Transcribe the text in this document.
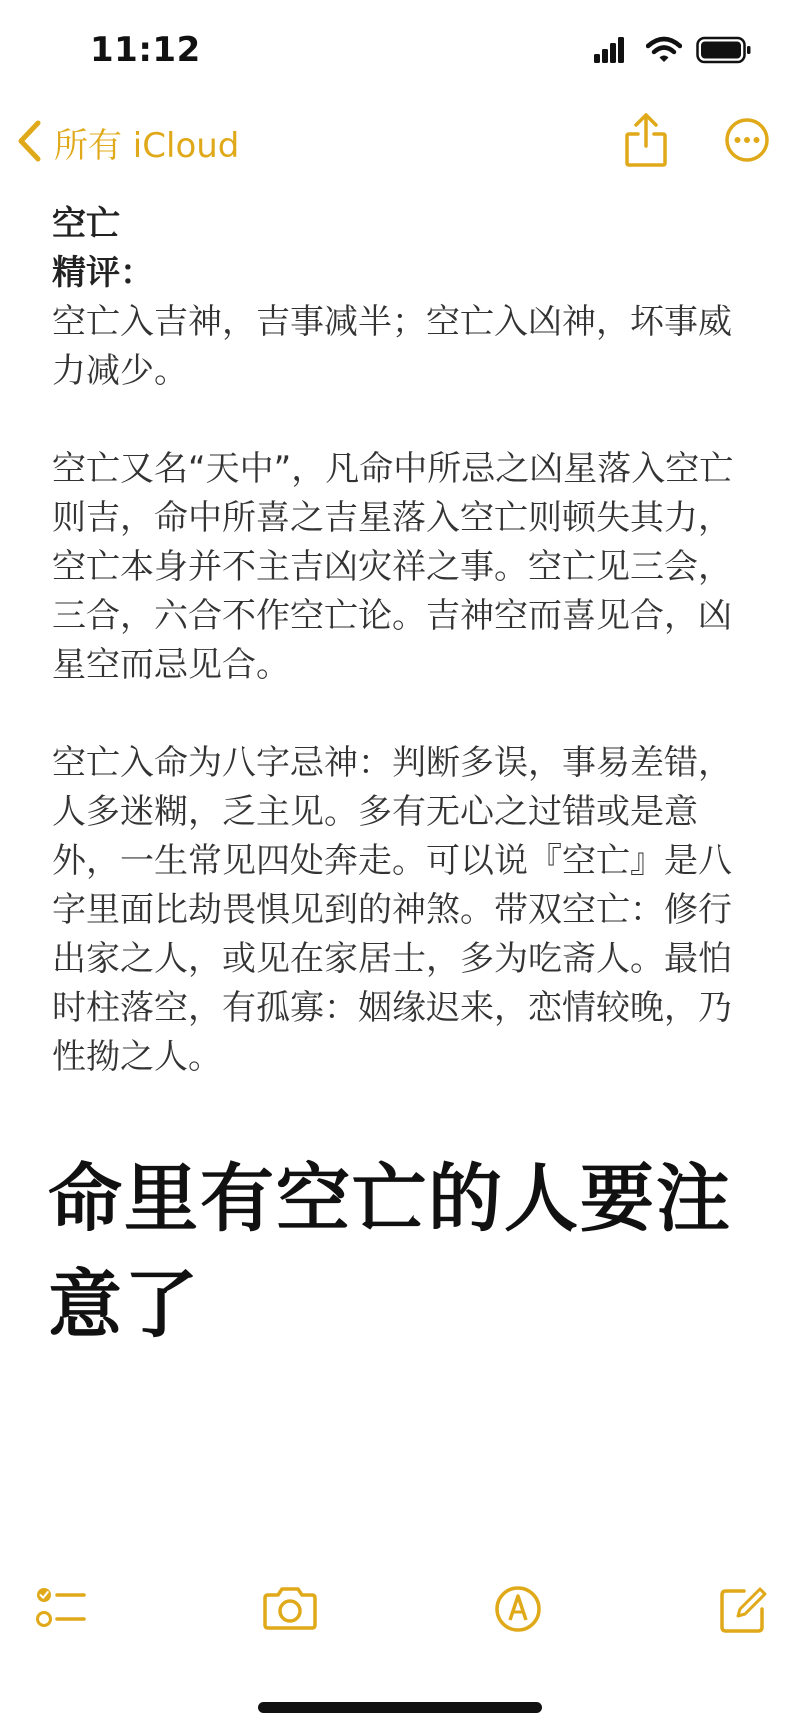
11:12
所有 iCloud
空亡
精评：

空亡入吉神，吉事减半；空亡入凶神，坏事威力减少。

空亡又名“天中”，凡命中所忌之凶星落入空亡则吉，命中所喜之吉星落入空亡则顿失其力，空亡本身并不主吉凶灾祥之事。空亡见三会，三合，六合不作空亡论。吉神空而喜见合，凶星空而忌见合。

空亡入命为八字忌神：判断多误，事易差错，人多迷糊，乏主见。多有无心之过错或是意外，一生常见四处奔走。可以说『空亡』是八字里面比劫畏惧见到的神煞。带双空亡：修行出家之人，或见在家居士，多为吃斋人。最怕时柱落空，有孤寡：姻缘迟来，恋情较晚，乃性拗之人。

命里有空亡的人要注意了
